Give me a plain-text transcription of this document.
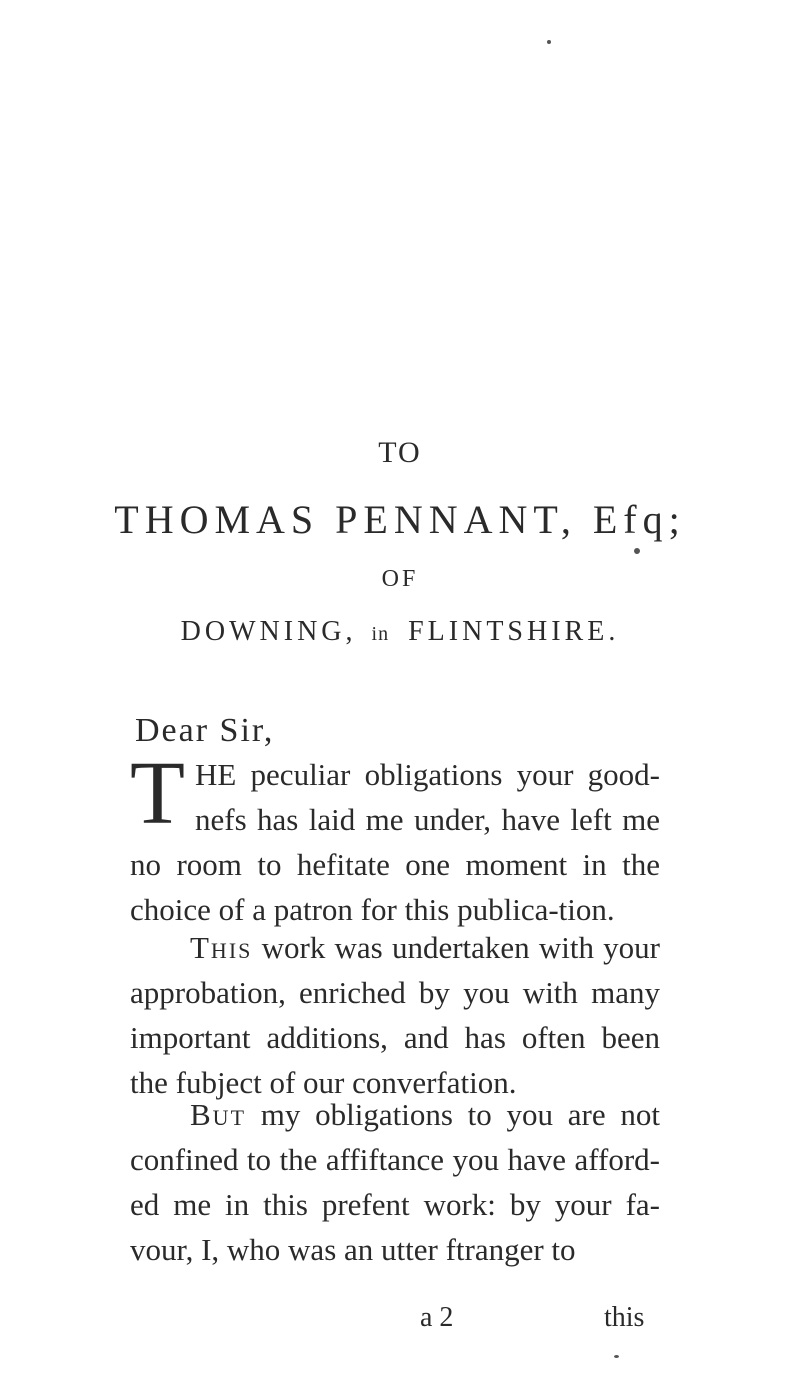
TO
THOMAS PENNANT, Efq;
OF
DOWNING, in FLINTSHIRE.
Dear Sir,
T HE peculiar obligations your good-nefs has laid me under, have left me no room to hefitate one moment in the choice of a patron for this publica-tion.
This work was undertaken with your approbation, enriched by you with many important additions, and has often been the fubject of our converfation.
But my obligations to you are not confined to the affiftance you have afford-ed me in this prefent work: by your fa-vour, I, who was an utter ftranger to
a 2	this
